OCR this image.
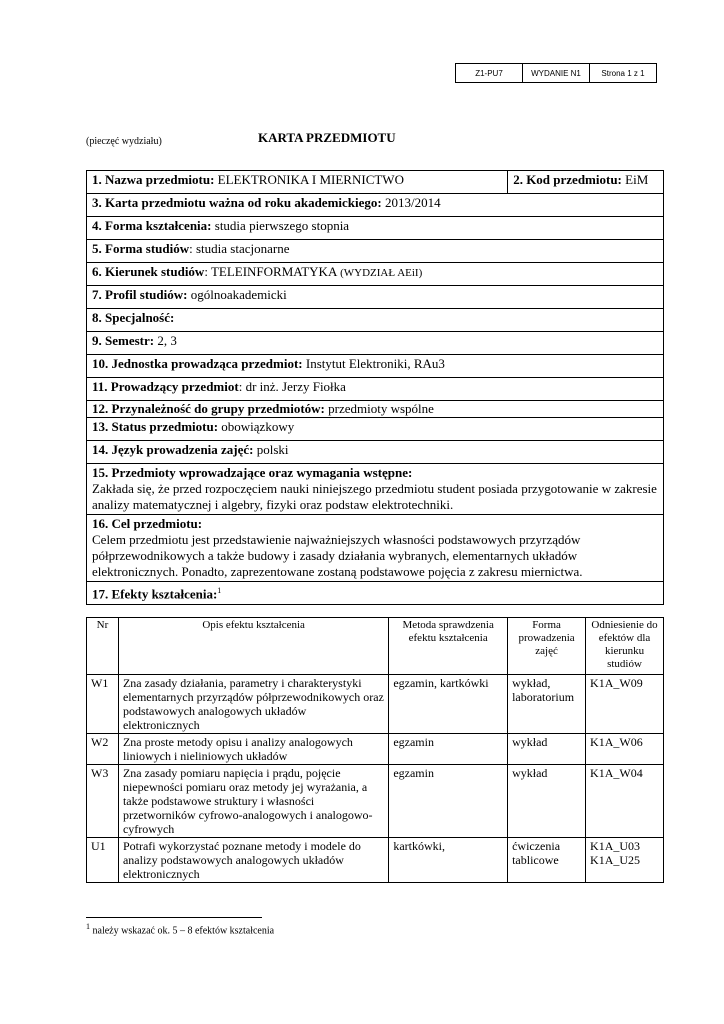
Z1-PU7	WYDANIE N1	Strona 1 z 1
(pieczęć wydziału)	KARTA PRZEDMIOTU
1. Nazwa przedmiotu: ELEKTRONIKA I MIERNICTWO	2. Kod przedmiotu: EiM
3. Karta przedmiotu ważna od roku akademickiego: 2013/2014
4. Forma kształcenia: studia pierwszego stopnia
5. Forma studiów: studia stacjonarne
6. Kierunek studiów: TELEINFORMATYKA (WYDZIAŁ AEiI)
7. Profil studiów: ogólnoakademicki
8. Specjalność:
9. Semestr: 2, 3
10. Jednostka prowadząca przedmiot: Instytut Elektroniki, RAu3
11. Prowadzący przedmiot: dr inż. Jerzy Fiołka
12. Przynależność do grupy przedmiotów: przedmioty wspólne
13. Status przedmiotu: obowiązkowy
14. Język prowadzenia zajęć: polski
15. Przedmioty wprowadzające oraz wymagania wstępne:
Zakłada się, że przed rozpoczęciem nauki niniejszego przedmiotu student posiada przygotowanie w zakresie analizy matematycznej i algebry, fizyki oraz podstaw elektrotechniki.
16. Cel przedmiotu:
Celem przedmiotu jest przedstawienie najważniejszych własności podstawowych przyrządów półprzewodnikowych a także budowy i zasady działania wybranych, elementarnych układów elektronicznych. Ponadto, zaprezentowane zostaną podstawowe pojęcia z zakresu miernictwa.
17. Efekty kształcenia:$^1$
Nr	Opis efektu kształcenia	Metoda sprawdzenia efektu kształcenia	Forma prowadzenia zajęć	Odniesienie do efektów dla kierunku studiów
W1	Zna zasady działania, parametry i charakterystyki elementarnych przyrządów półprzewodnikowych oraz podstawowych analogowych układów elektronicznych	egzamin, kartkówki	wykład, laboratorium	K1A_W09
W2	Zna proste metody opisu i analizy analogowych liniowych i nieliniowych układów	egzamin	wykład	K1A_W06
W3	Zna zasady pomiaru napięcia i prądu, pojęcie niepewności pomiaru oraz metody jej wyrażania, a także podstawowe struktury i własności przetworników cyfrowo-analogowych i analogowo-cyfrowych	egzamin	wykład	K1A_W04
U1	Potrafi wykorzystać poznane metody i modele do analizy podstawowych analogowych układów elektronicznych	kartkówki,	ćwiczenia tablicowe	K1A_U03
K1A_U25
$^1$ należy wskazać ok. 5 – 8 efektów kształcenia
